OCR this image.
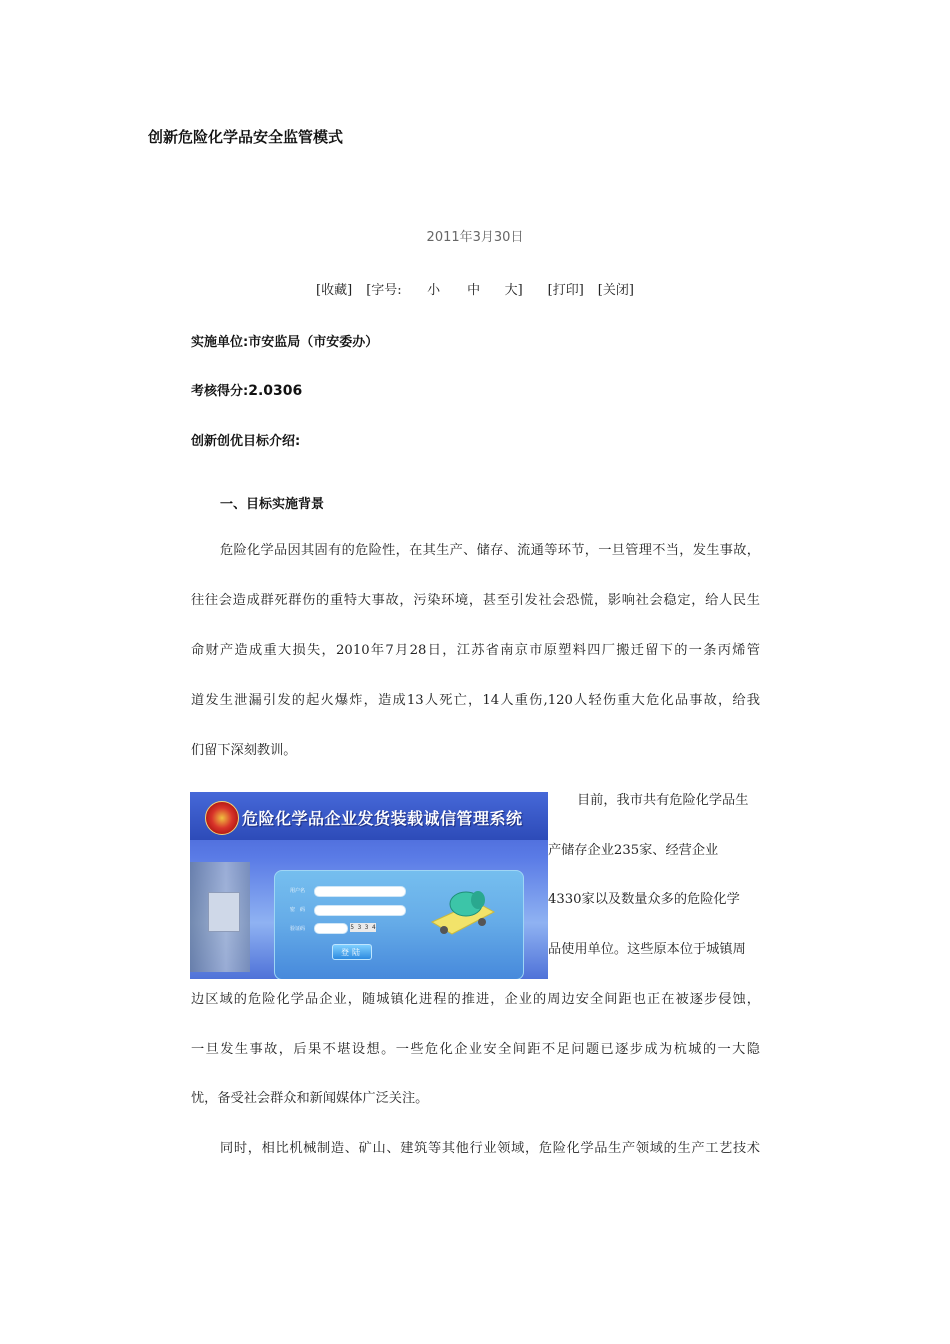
创新危险化学品安全监管模式
2011年3月30日
[收藏] [字号: 小 中 大] [打印] [关闭]
实施单位:市安监局（市安委办）
考核得分:2.0306
创新创优目标介绍:
一、目标实施背景
危险化学品因其固有的危险性，在其生产、储存、流通等环节，一旦管理不当，发生事故，
往往会造成群死群伤的重特大事故，污染环境，甚至引发社会恐慌，影响社会稳定，给人民生
命财产造成重大损失，2010年7月28日，江苏省南京市原塑料四厂搬迁留下的一条丙烯管
道发生泄漏引发的起火爆炸，造成13人死亡，14人重伤,120人轻伤重大危化品事故，给我
们留下深刻教训。
危险化学品企业发货装载诚信管理系统
用户名
密　码
验证码	5 3 3 4
登陆
目前，我市共有危险化学品生
产储存企业235家、经营企业
4330家以及数量众多的危险化学
品使用单位。这些原本位于城镇周
边区域的危险化学品企业，随城镇化进程的推进，企业的周边安全间距也正在被逐步侵蚀，
一旦发生事故，后果不堪设想。一些危化企业安全间距不足问题已逐步成为杭城的一大隐
忧，备受社会群众和新闻媒体广泛关注。
同时，相比机械制造、矿山、建筑等其他行业领域，危险化学品生产领域的生产工艺技术
